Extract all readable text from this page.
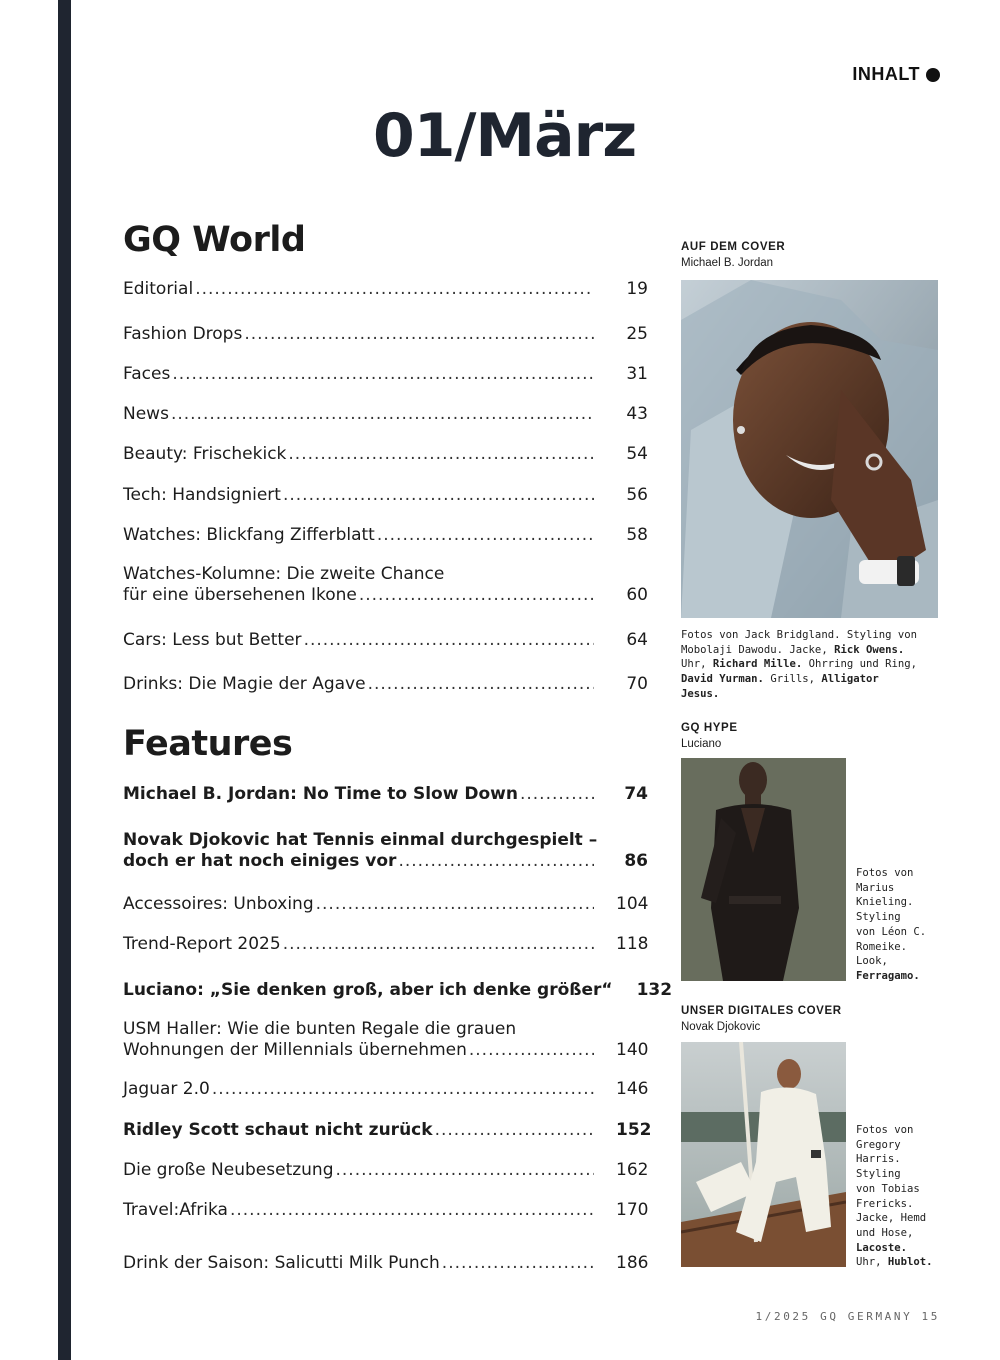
INHALT
01/März
GQ World
Editorial .....	19
Fashion Drops .....	25
Faces .....	31
News .....	43
Beauty: Frischekick .....	54
Tech: Handsigniert .....	56
Watches: Blickfang Zifferblatt .....	58
Watches-Kolumne: Die zweite Chance
für eine übersehenen Ikone .....	60
Cars: Less but Better .....	64
Drinks: Die Magie der Agave .....	70
Features
Michael B. Jordan: No Time to Slow Down .....	74
Novak Djokovic hat Tennis einmal durchgespielt –
doch er hat noch einiges vor .....	86
Accessoires: Unboxing .....	104
Trend-Report 2025 .....	118
Luciano: „Sie denken groß, aber ich denke größer“ 132
USM Haller: Wie die bunten Regale die grauen
Wohnungen der Millennials übernehmen .....	140
Jaguar 2.0 .....	146
Ridley Scott schaut nicht zurück .....	152
Die große Neubesetzung .....	162
Travel:Afrika .....	170
Drink der Saison: Salicutti Milk Punch .....	186
AUF DEM COVER
Michael B. Jordan
Fotos von Jack Bridgland. Styling von
Mobolaji Dawodu. Jacke, Rick Owens.
Uhr, Richard Mille. Ohrring und Ring,
David Yurman. Grills, Alligator
Jesus.
GQ HYPE
Luciano
Fotos von
Marius
Knieling.
Styling
von Léon C.
Romeike.
Look,
Ferragamo.
UNSER DIGITALES COVER
Novak Djokovic
Fotos von
Gregory
Harris.
Styling
von Tobias
Frericks.
Jacke, Hemd
und Hose,
Lacoste.
Uhr, Hublot.
1/2025 GQ GERMANY 15
